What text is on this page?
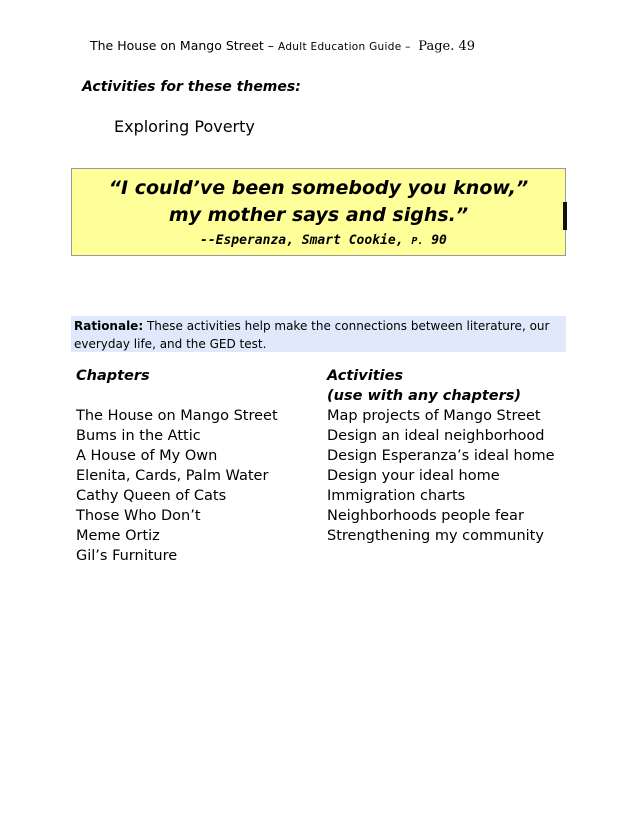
The House on Mango Street – Adult Education Guide – Page. 49
Activities for these themes:
Exploring Poverty
“I could’ve been somebody you know,”
my mother says and sighs.”
--Esperanza, Smart Cookie, P. 90
Rationale: These activities help make the connections between literature, our everyday life, and the GED test.
Chapters
The House on Mango Street
Bums in the Attic
A House of My Own
Elenita, Cards, Palm Water
Cathy Queen of Cats
Those Who Don’t
Meme Ortiz
Gil’s Furniture
Activities
(use with any chapters)
Map projects of Mango Street
Design an ideal neighborhood
Design Esperanza’s ideal home
Design your ideal home
Immigration charts
Neighborhoods people fear
Strengthening my community
